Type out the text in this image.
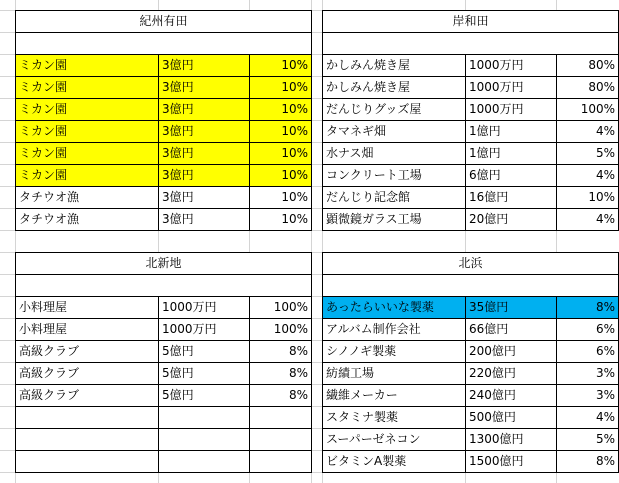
紀州有田
ミカン園	3億円	10%
ミカン園	3億円	10%
ミカン園	3億円	10%
ミカン園	3億円	10%
ミカン園	3億円	10%
ミカン園	3億円	10%
タチウオ漁	3億円	10%
タチウオ漁	3億円	10%
岸和田
かしみん焼き屋	1000万円	80%
かしみん焼き屋	1000万円	80%
だんじりグッズ屋	1000万円	100%
タマネギ畑	1億円	4%
水ナス畑	1億円	5%
コンクリート工場	6億円	4%
だんじり記念館	16億円	10%
顕微鏡ガラス工場	20億円	4%
北新地
小料理屋	1000万円	100%
小料理屋	1000万円	100%
高級クラブ	5億円	8%
高級クラブ	5億円	8%
高級クラブ	5億円	8%
北浜
あったらいいな製薬	35億円	8%
アルバム制作会社	66億円	6%
シノノギ製薬	200億円	6%
紡績工場	220億円	3%
繊維メーカー	240億円	3%
スタミナ製薬	500億円	4%
スーパーゼネコン	1300億円	5%
ビタミンA製薬	1500億円	8%
